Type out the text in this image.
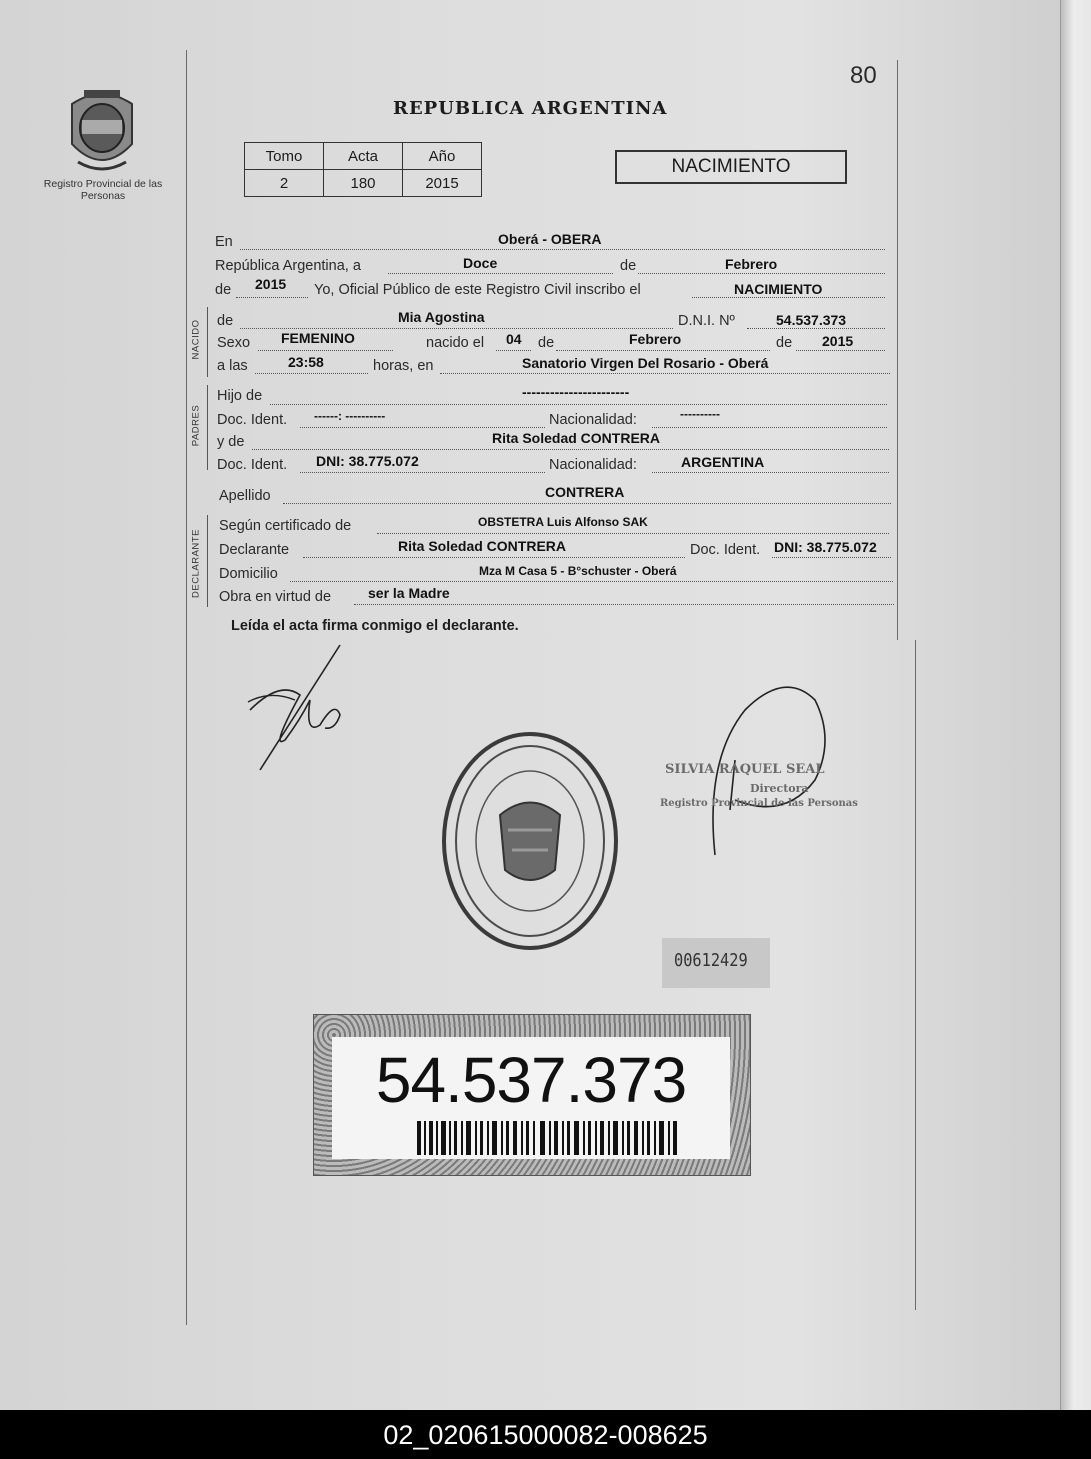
80
Registro Provincial de las Personas
REPUBLICA ARGENTINA
Tomo	Acta	Año
2	180	2015
NACIMIENTO
En	Oberá - OBERA
República Argentina, a	Doce	de	Febrero
de 2015 Yo, Oficial Público de este Registro Civil inscribo el	NACIMIENTO
NACIDO de	Mia Agostina	D.N.I. Nº	54.537.373
Sexo FEMENINO	nacido el 04 de	Febrero	de 2015
a las	23:58	horas, en	Sanatorio Virgen Del Rosario - Oberá
PADRES
Hijo de	-----------------------
Doc. Ident. ------: ----------	Nacionalidad:	----------
y de	Rita Soledad CONTRERA
Doc. Ident. DNI: 38.775.072	Nacionalidad:	ARGENTINA
Apellido	CONTRERA
DECLARANTE
Según certificado de	OBSTETRA Luis Alfonso SAK
Declarante	Rita Soledad CONTRERA	Doc. Ident. DNI: 38.775.072
Domicilio	Mza M Casa 5 - B°schuster - Oberá
Obra en virtud de	ser la Madre
Leída el acta firma conmigo el declarante.
SILVIA RAQUEL SEAL
Directora
Registro Provincial de las Personas
00612429
54.537.373
02_020615000082-008625
